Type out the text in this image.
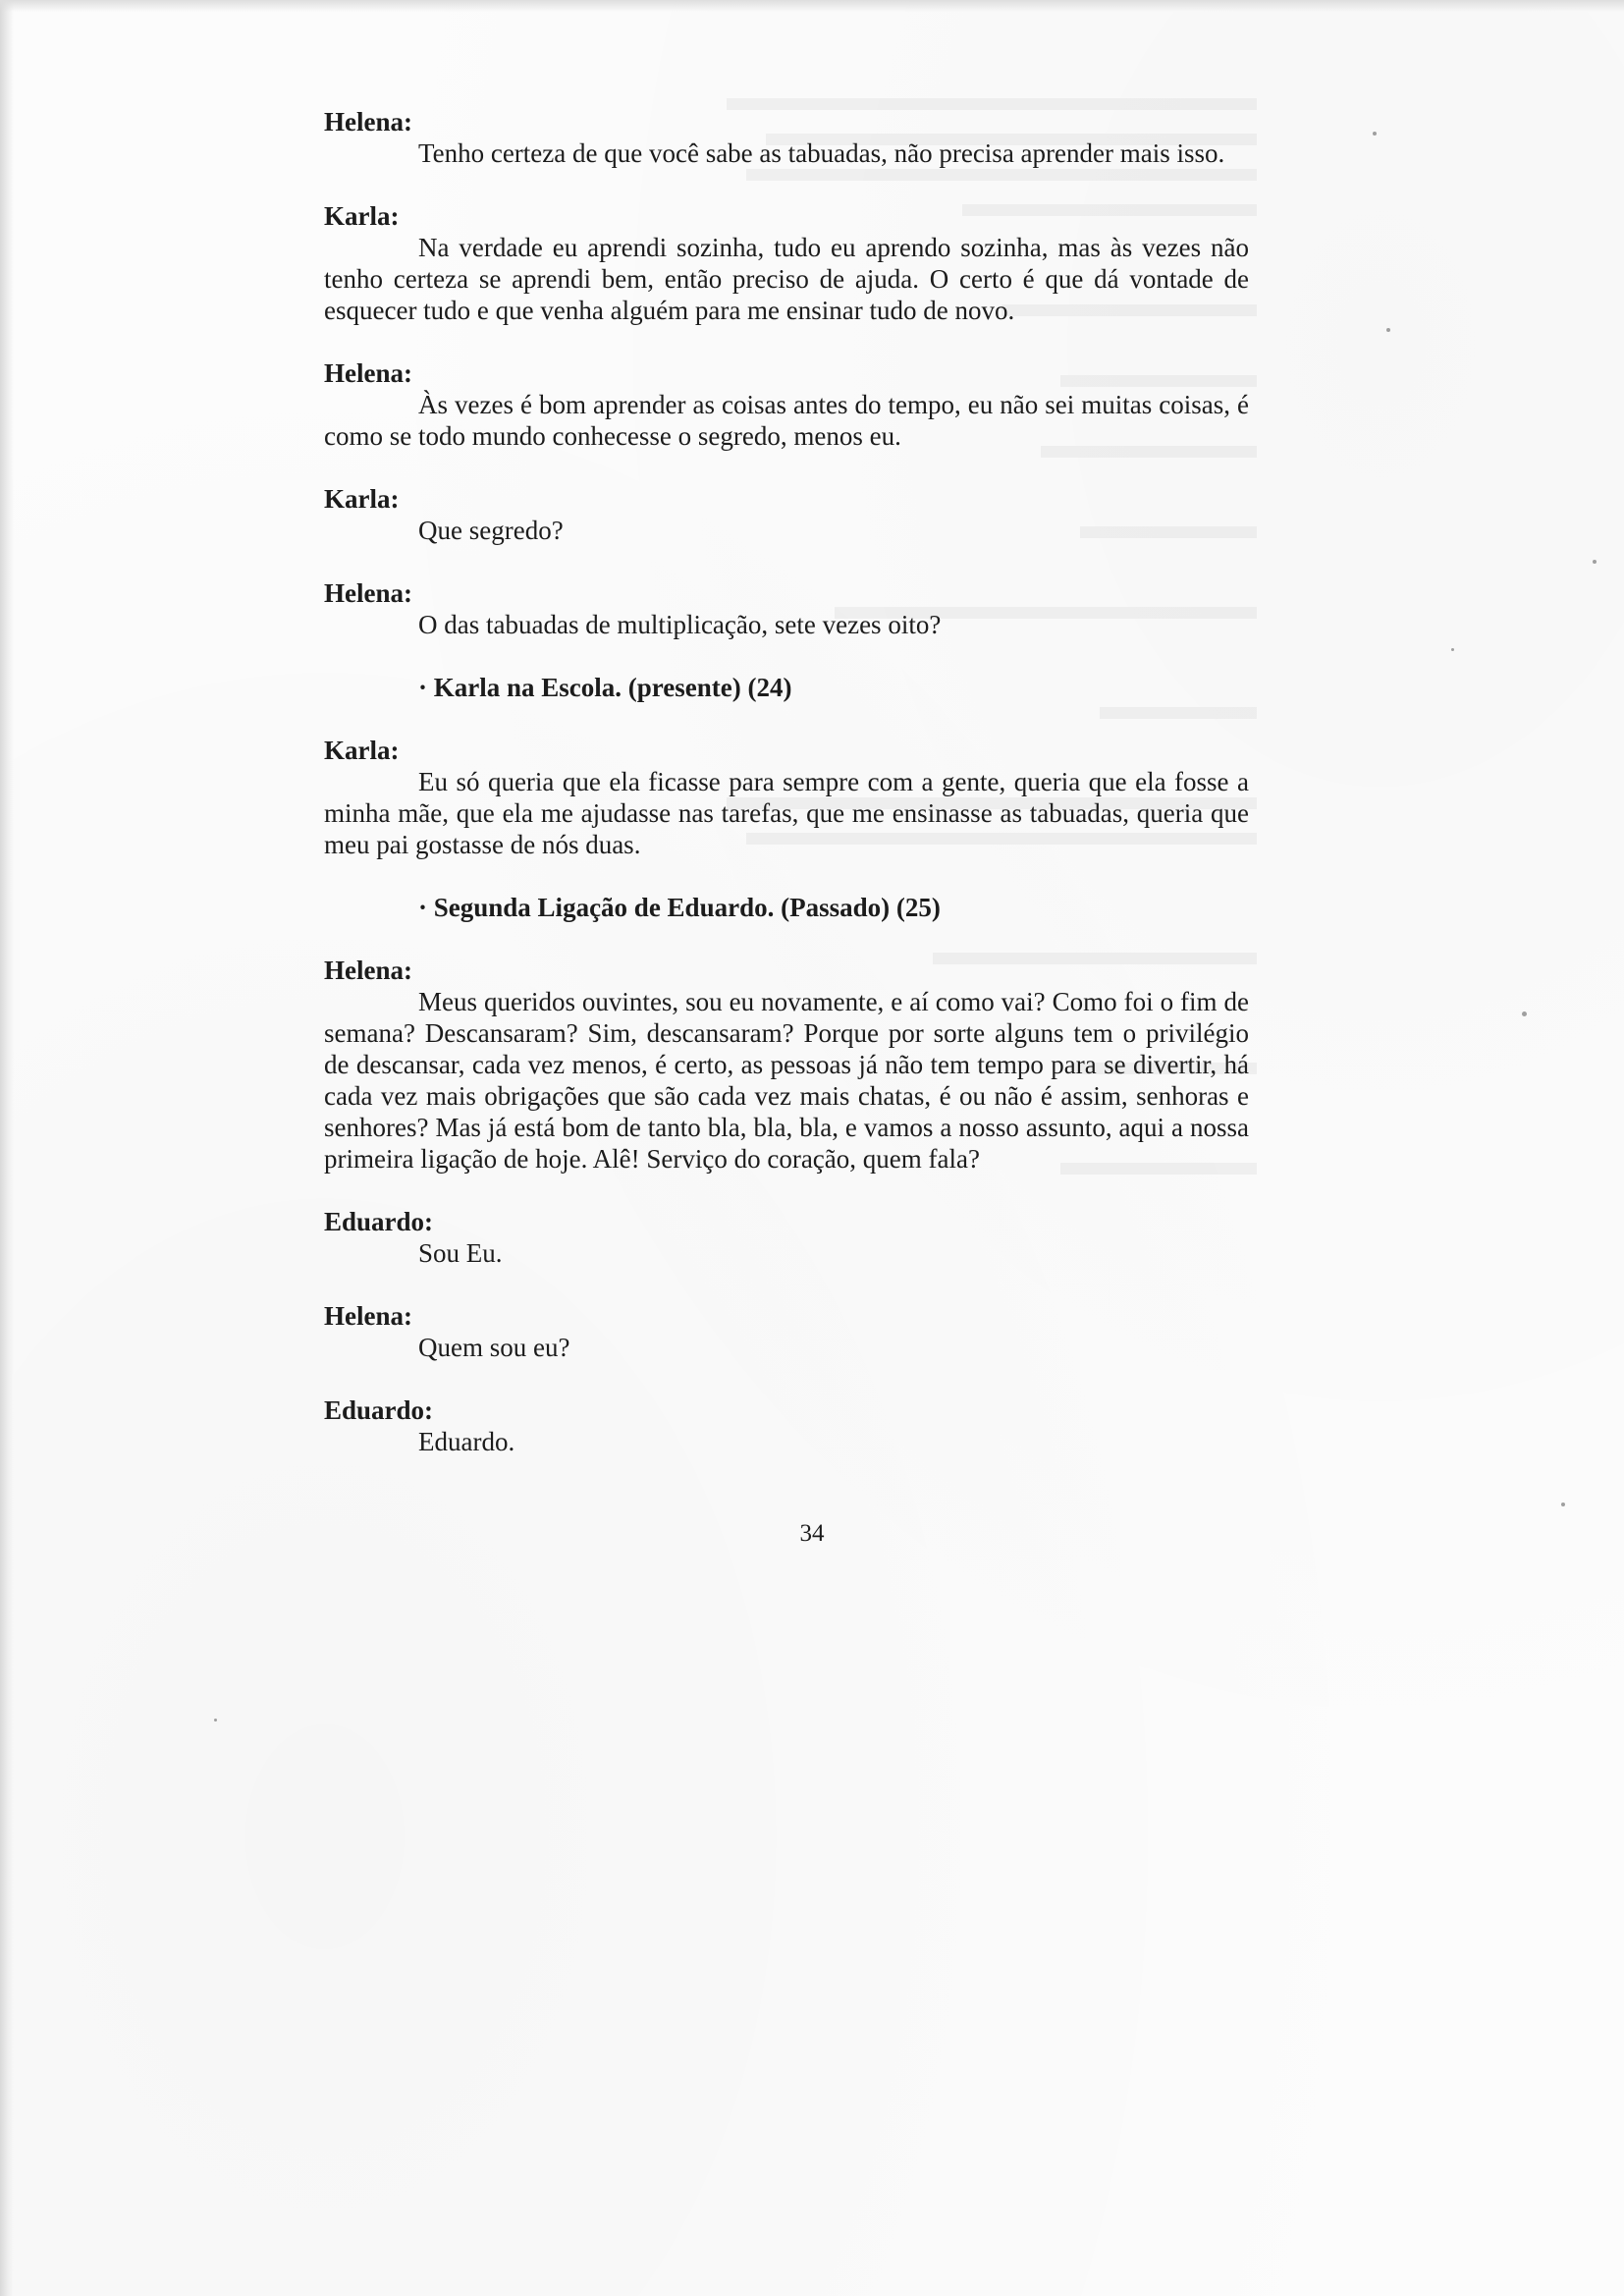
Helena:

Tenho certeza de que você sabe as tabuadas, não precisa aprender mais isso.

Karla:

Na verdade eu aprendi sozinha, tudo eu aprendo sozinha, mas às vezes não tenho certeza se aprendi bem, então preciso de ajuda. O certo é que dá vontade de esquecer tudo e que venha alguém para me ensinar tudo de novo.

Helena:

Às vezes é bom aprender as coisas antes do tempo, eu não sei muitas coisas, é como se todo mundo conhecesse o segredo, menos eu.

Karla:

Que segredo?

Helena:

O das tabuadas de multiplicação, sete vezes oito?

· Karla na Escola. (presente) (24)

Karla:

Eu só queria que ela ficasse para sempre com a gente, queria que ela fosse a minha mãe, que ela me ajudasse nas tarefas, que me ensinasse as tabuadas, queria que meu pai gostasse de nós duas.

· Segunda Ligação de Eduardo. (Passado) (25)

Helena:

Meus queridos ouvintes, sou eu novamente, e aí como vai? Como foi o fim de semana? Descansaram? Sim, descansaram? Porque por sorte alguns tem o privilégio de descansar, cada vez menos, é certo, as pessoas já não tem tempo para se divertir, há cada vez mais obrigações que são cada vez mais chatas, é ou não é assim, senhoras e senhores? Mas já está bom de tanto bla, bla, bla, e vamos a nosso assunto, aqui a nossa primeira ligação de hoje. Alê! Serviço do coração, quem fala?

Eduardo:

Sou Eu.

Helena:

Quem sou eu?

Eduardo:

Eduardo.

34
